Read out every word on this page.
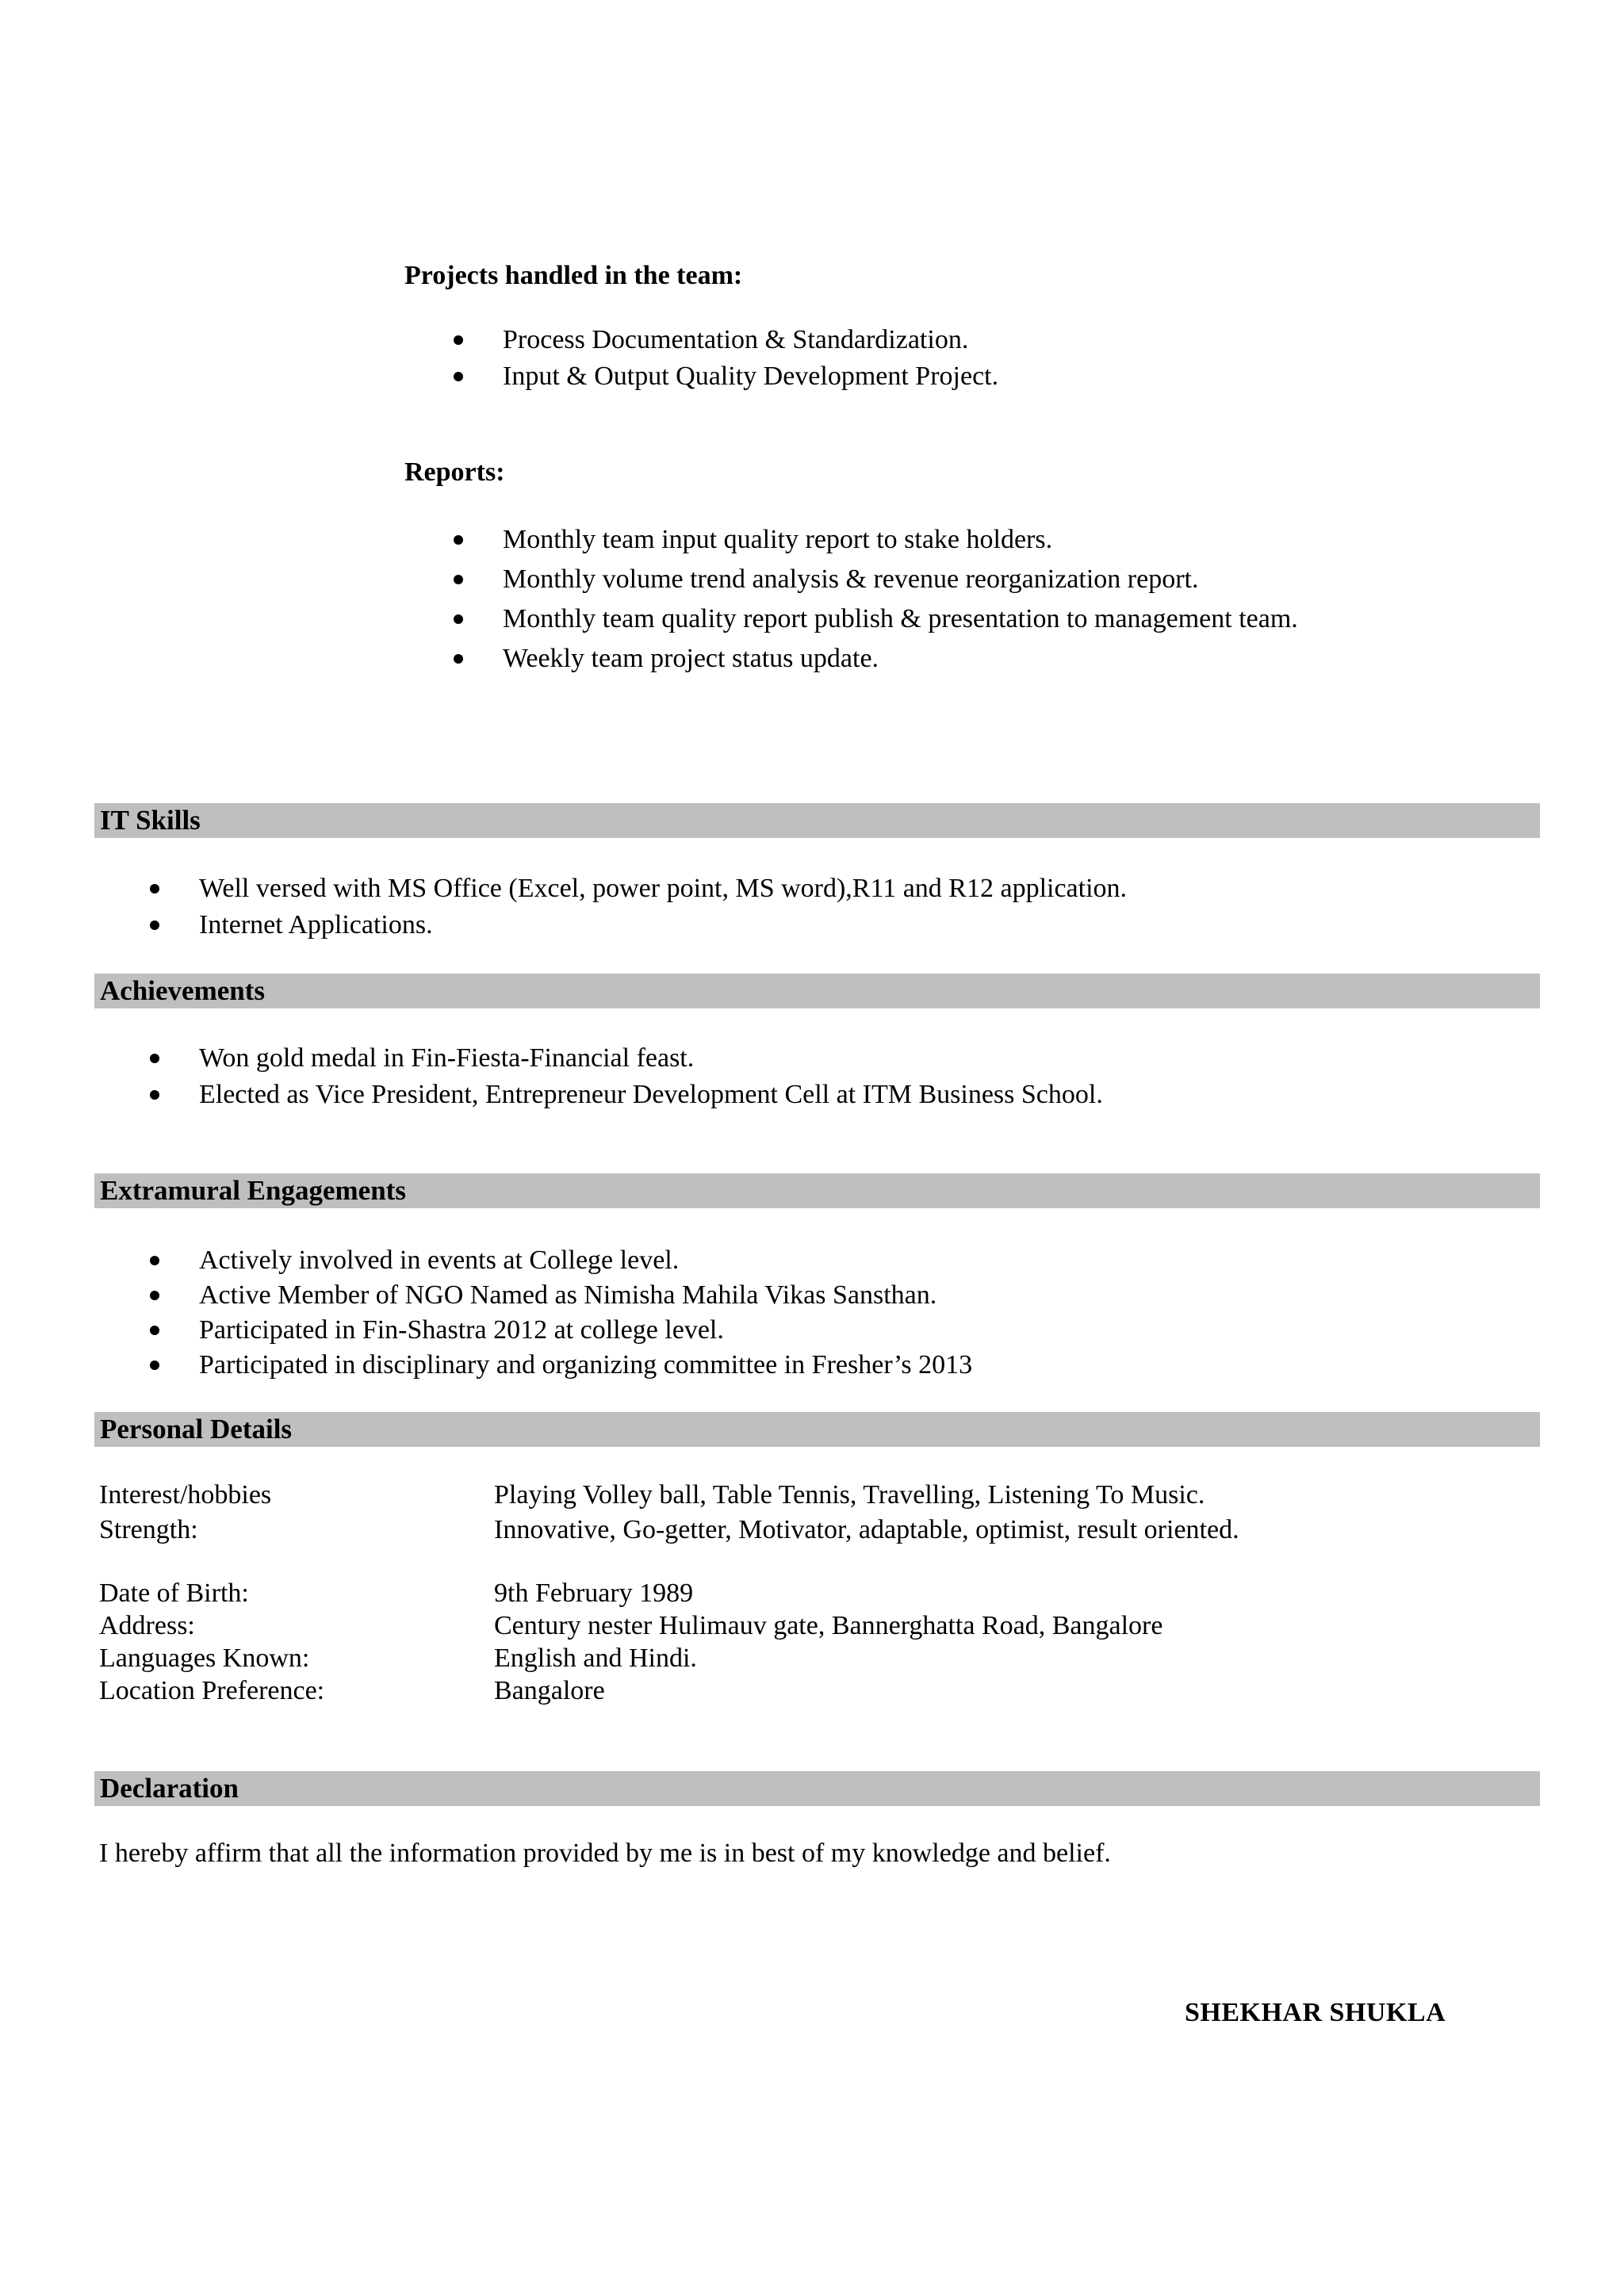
Projects handled in the team:
Process Documentation & Standardization.
Input & Output Quality Development Project.
Reports:
Monthly team input quality report to stake holders.
Monthly volume trend analysis & revenue reorganization report.
Monthly team quality report publish & presentation to management team.
Weekly team project status update.
IT Skills
Well versed with MS Office (Excel, power point, MS word),R11 and R12 application.
Internet Applications.
Achievements
Won gold medal in Fin-Fiesta-Financial feast.
Elected as Vice President, Entrepreneur Development Cell at ITM Business School.
Extramural Engagements
Actively involved in events at College level.
Active Member of NGO Named as Nimisha Mahila Vikas Sansthan.
Participated in Fin-Shastra 2012 at college level.
Participated in disciplinary and organizing committee in Fresher’s 2013
Personal Details
Interest/hobbies	Playing Volley ball, Table Tennis, Travelling, Listening To Music.
Strength:	Innovative, Go-getter, Motivator, adaptable, optimist, result oriented.
Date of Birth:	9th February 1989
Address:	Century nester Hulimauv gate, Bannerghatta Road, Bangalore
Languages Known:	English and Hindi.
Location Preference:	Bangalore
Declaration
I hereby affirm that all the information provided by me is in best of my knowledge and belief.
SHEKHAR SHUKLA
